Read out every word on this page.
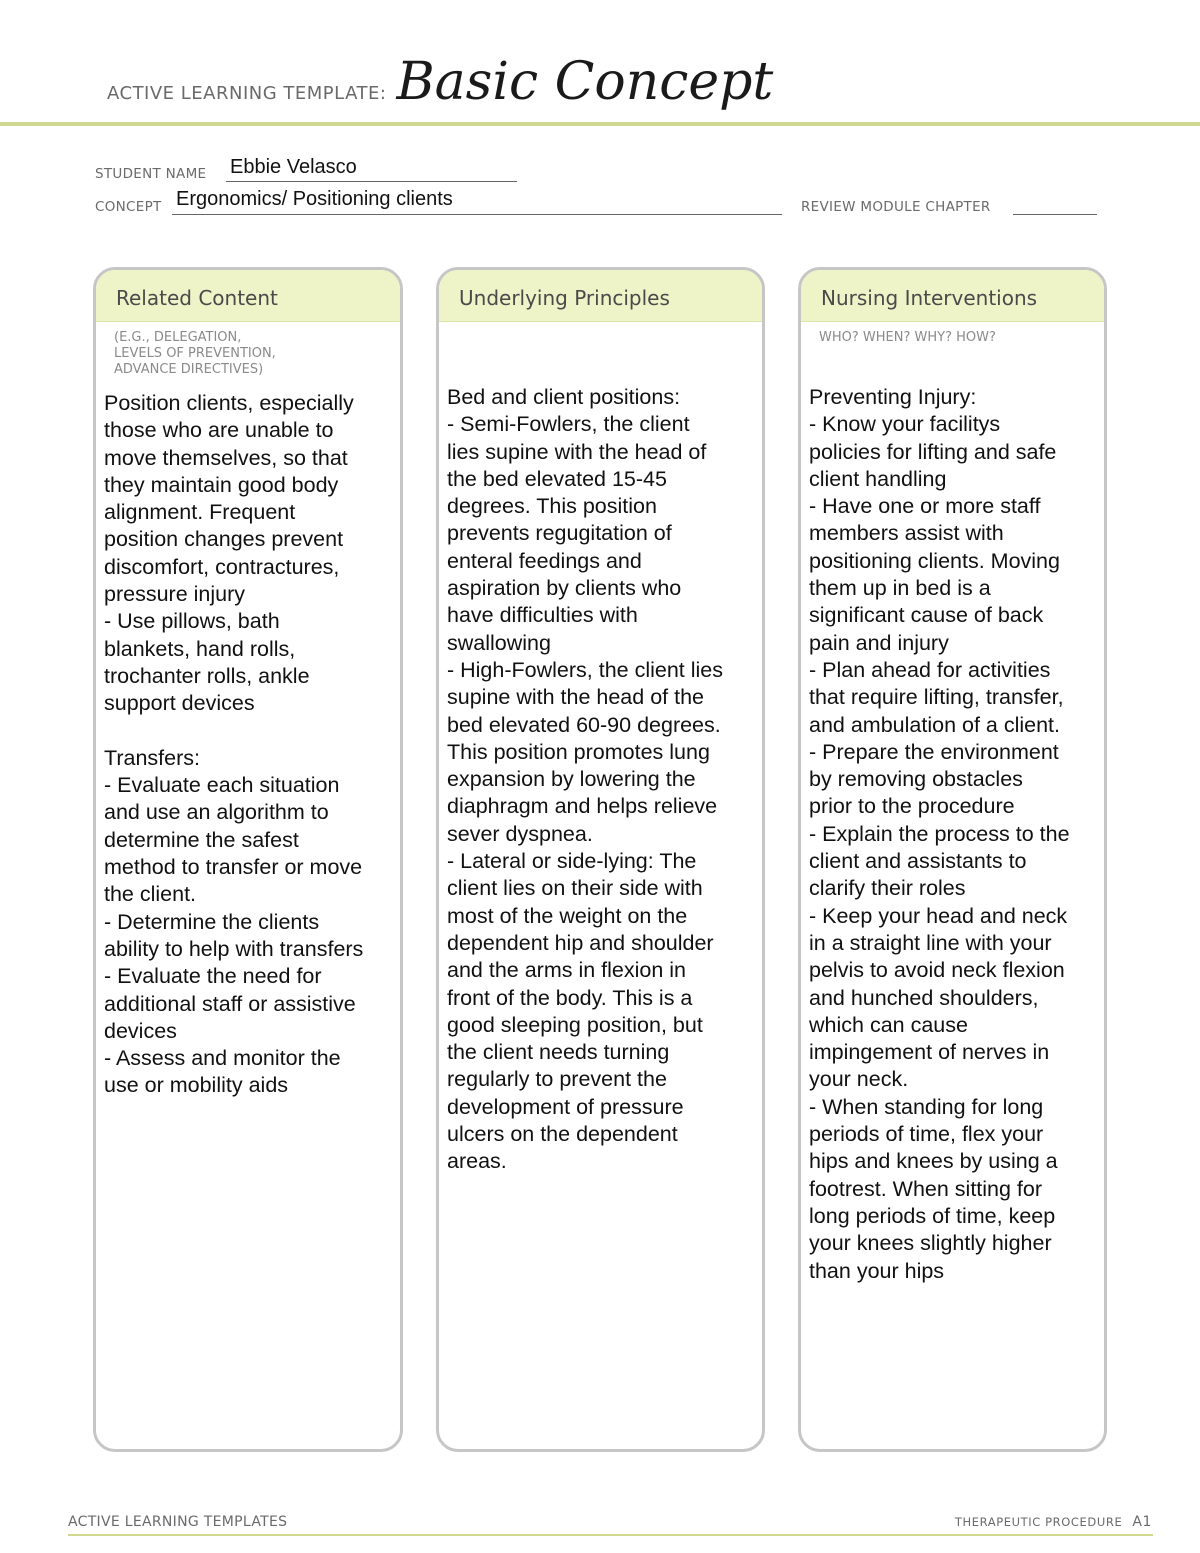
ACTIVE LEARNING TEMPLATE: Basic Concept
STUDENT NAME Ebbie Velasco
CONCEPT Ergonomics/ Positioning clients	REVIEW MODULE CHAPTER
Related Content
(E.G., DELEGATION,
LEVELS OF PREVENTION,
ADVANCE DIRECTIVES)
Position clients, especially
those who are unable to
move themselves, so that
they maintain good body
alignment. Frequent
position changes prevent
discomfort, contractures,
pressure injury
- Use pillows, bath
blankets, hand rolls,
trochanter rolls, ankle
support devices

Transfers:
- Evaluate each situation
and use an algorithm to
determine the safest
method to transfer or move
the client.
- Determine the clients
ability to help with transfers
- Evaluate the need for
additional staff or assistive
devices
- Assess and monitor the
use or mobility aids
Underlying Principles
Bed and client positions:
- Semi-Fowlers, the client
lies supine with the head of
the bed elevated 15-45
degrees. This position
prevents regugitation of
enteral feedings and
aspiration by clients who
have difficulties with
swallowing
- High-Fowlers, the client lies
supine with the head of the
bed elevated 60-90 degrees.
This position promotes lung
expansion by lowering the
diaphragm and helps relieve
sever dyspnea.
- Lateral or side-lying: The
client lies on their side with
most of the weight on the
dependent hip and shoulder
and the arms in flexion in
front of the body. This is a
good sleeping position, but
the client needs turning
regularly to prevent the
development of pressure
ulcers on the dependent
areas.
Nursing Interventions
WHO? WHEN? WHY? HOW?
Preventing Injury:
- Know your facilitys
policies for lifting and safe
client handling
- Have one or more staff
members assist with
positioning clients. Moving
them up in bed is a
significant cause of back
pain and injury
- Plan ahead for activities
that require lifting, transfer,
and ambulation of a client.
- Prepare the environment
by removing obstacles
prior to the procedure
- Explain the process to the
client and assistants to
clarify their roles
- Keep your head and neck
in a straight line with your
pelvis to avoid neck flexion
and hunched shoulders,
which can cause
impingement of nerves in
your neck.
- When standing for long
periods of time, flex your
hips and knees by using a
footrest. When sitting for
long periods of time, keep
your knees slightly higher
than your hips
ACTIVE LEARNING TEMPLATES	THERAPEUTIC PROCEDURE A1
